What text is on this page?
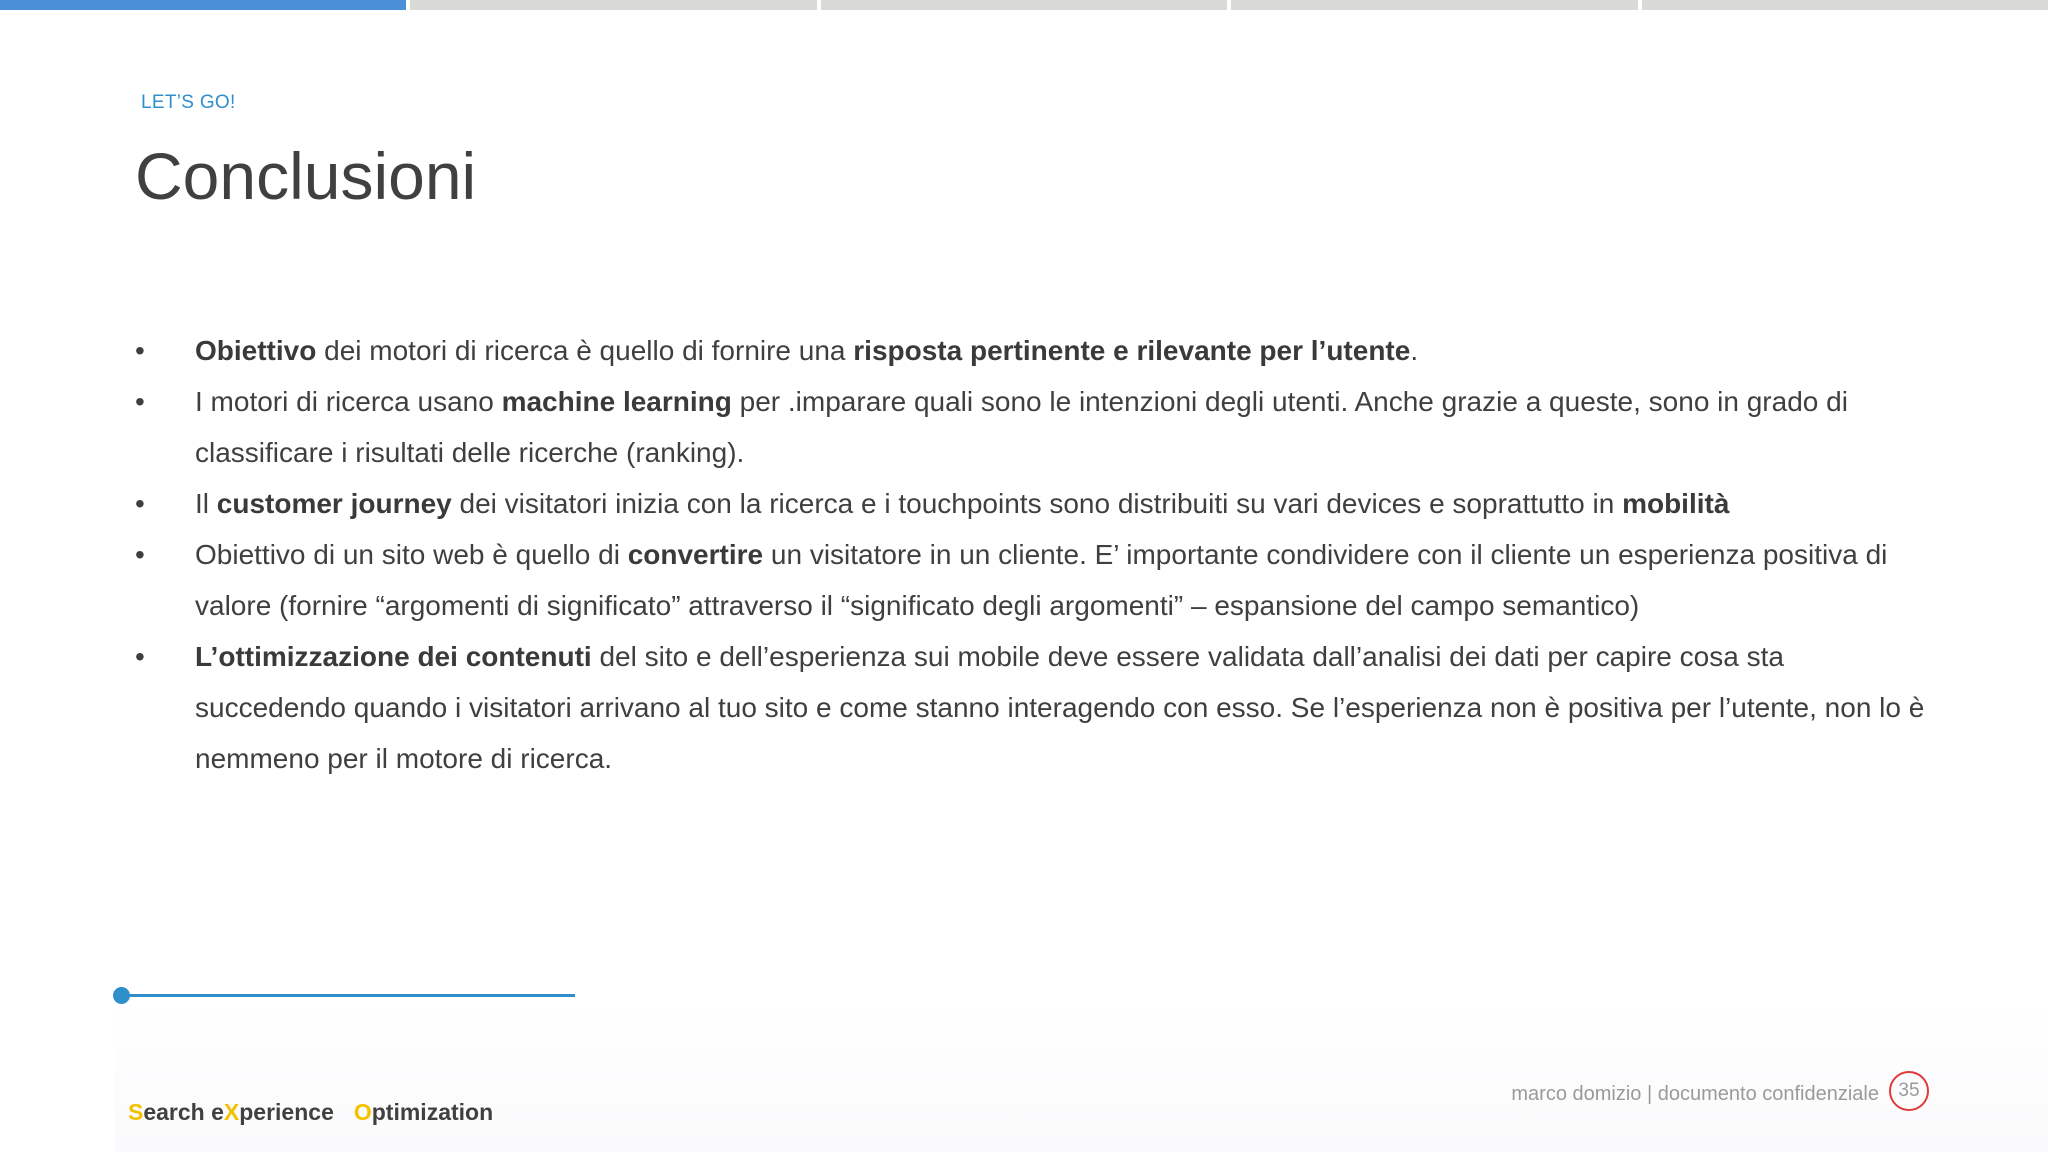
LET’S GO!
Conclusioni
•	Obiettivo dei motori di ricerca è quello di fornire una risposta pertinente e rilevante per l’utente.
•	I motori di ricerca usano machine learning per .imparare quali sono le intenzioni degli utenti. Anche grazie a queste, sono in grado di classificare i risultati delle ricerche (ranking).
•	Il customer journey dei visitatori inizia con la ricerca e i touchpoints sono distribuiti su vari devices e soprattutto in mobilità
•	Obiettivo di un sito web è quello di convertire un visitatore in un cliente. E’ importante condividere con il cliente un esperienza positiva di valore (fornire “argomenti di significato” attraverso il “significato degli argomenti” – espansione del campo semantico)
•	L’ottimizzazione dei contenuti del sito e dell’esperienza sui mobile deve essere validata dall’analisi dei dati per capire cosa sta succedendo quando i visitatori arrivano al tuo sito e come stanno interagendo con esso. Se l’esperienza non è positiva per l’utente, non lo è nemmeno per il motore di ricerca.
Search eXperience Optimization
marco domizio | documento confidenziale	35
